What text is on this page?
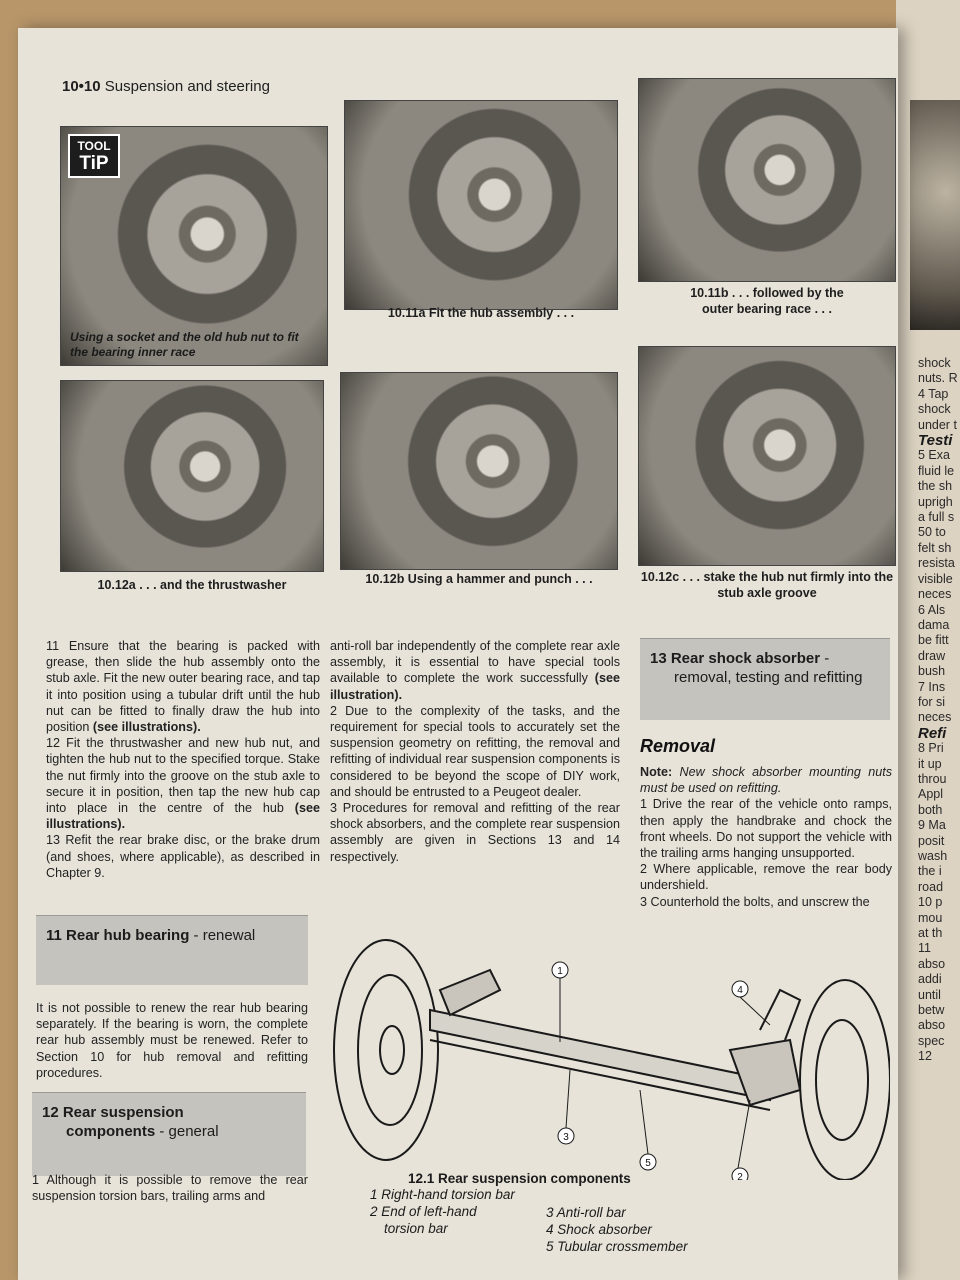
shock
nuts. R
4 Tap
shock
under t
Testi
5 Exa
fluid le
the sh
uprigh
a full s
50 to
felt sh
resista
visible
neces
6 Als
dama
be fitt
draw
bush
7 Ins
for si
neces
Refi
8 Pri
it up
throu
Appl
both
9 Ma
posit
wash
the i
road
10 p
mou
at th
11
abso
addi
until
betw
abso
spec
12
10•10 Suspension and steering
TOOL
TiP
Using a socket and the old hub nut to fit the bearing inner race
10.11a Fit the hub assembly . . .
10.11b . . . followed by the
outer bearing race . . .
10.12a . . . and the thrustwasher	10.12b Using a hammer and punch . . .	10.12c . . . stake the hub nut firmly into the
stub axle groove

11 Ensure that the bearing is packed with grease, then slide the hub assembly onto the stub axle. Fit the new outer bearing race, and tap it into position using a tubular drift until the hub nut can be fitted to finally draw the hub into position (see illustrations).

12 Fit the thrustwasher and new hub nut, and tighten the hub nut to the specified torque. Stake the nut firmly into the groove on the stub axle to secure it in position, then tap the new hub cap into place in the centre of the hub (see illustrations).

13 Refit the rear brake disc, or the brake drum (and shoes, where applicable), as described in Chapter 9.

11 Rear hub bearing - renewal
It is not possible to renew the rear hub bearing separately. If the bearing is worn, the complete rear hub assembly must be renewed. Refer to Section 10 for hub removal and refitting procedures.
12 Rear suspension
components - general
1 Although it is possible to remove the rear suspension torsion bars, trailing arms and

anti-roll bar independently of the complete rear axle assembly, it is essential to have special tools available to complete the work successfully (see illustration).

2 Due to the complexity of the tasks, and the requirement for special tools to accurately set the suspension geometry on refitting, the removal and refitting of individual rear suspension components is considered to be beyond the scope of DIY work, and should be entrusted to a Peugeot dealer.

3 Procedures for removal and refitting of the rear shock absorbers, and the complete rear suspension assembly are given in Sections 13 and 14 respectively.

13 Rear shock absorber -
removal, testing and refitting
Removal

Note: New shock absorber mounting nuts must be used on refitting.

1 Drive the rear of the vehicle onto ramps, then apply the handbrake and chock the front wheels. Do not support the vehicle with the trailing arms hanging unsupported.

2 Where applicable, remove the rear body undershield.

3 Counterhold the bolts, and unscrew the

1
2
3
4
5
12.1 Rear suspension components
1 Right-hand torsion bar
2 End of left-hand
torsion bar
3 Anti-roll bar
4 Shock absorber
5 Tubular crossmember
